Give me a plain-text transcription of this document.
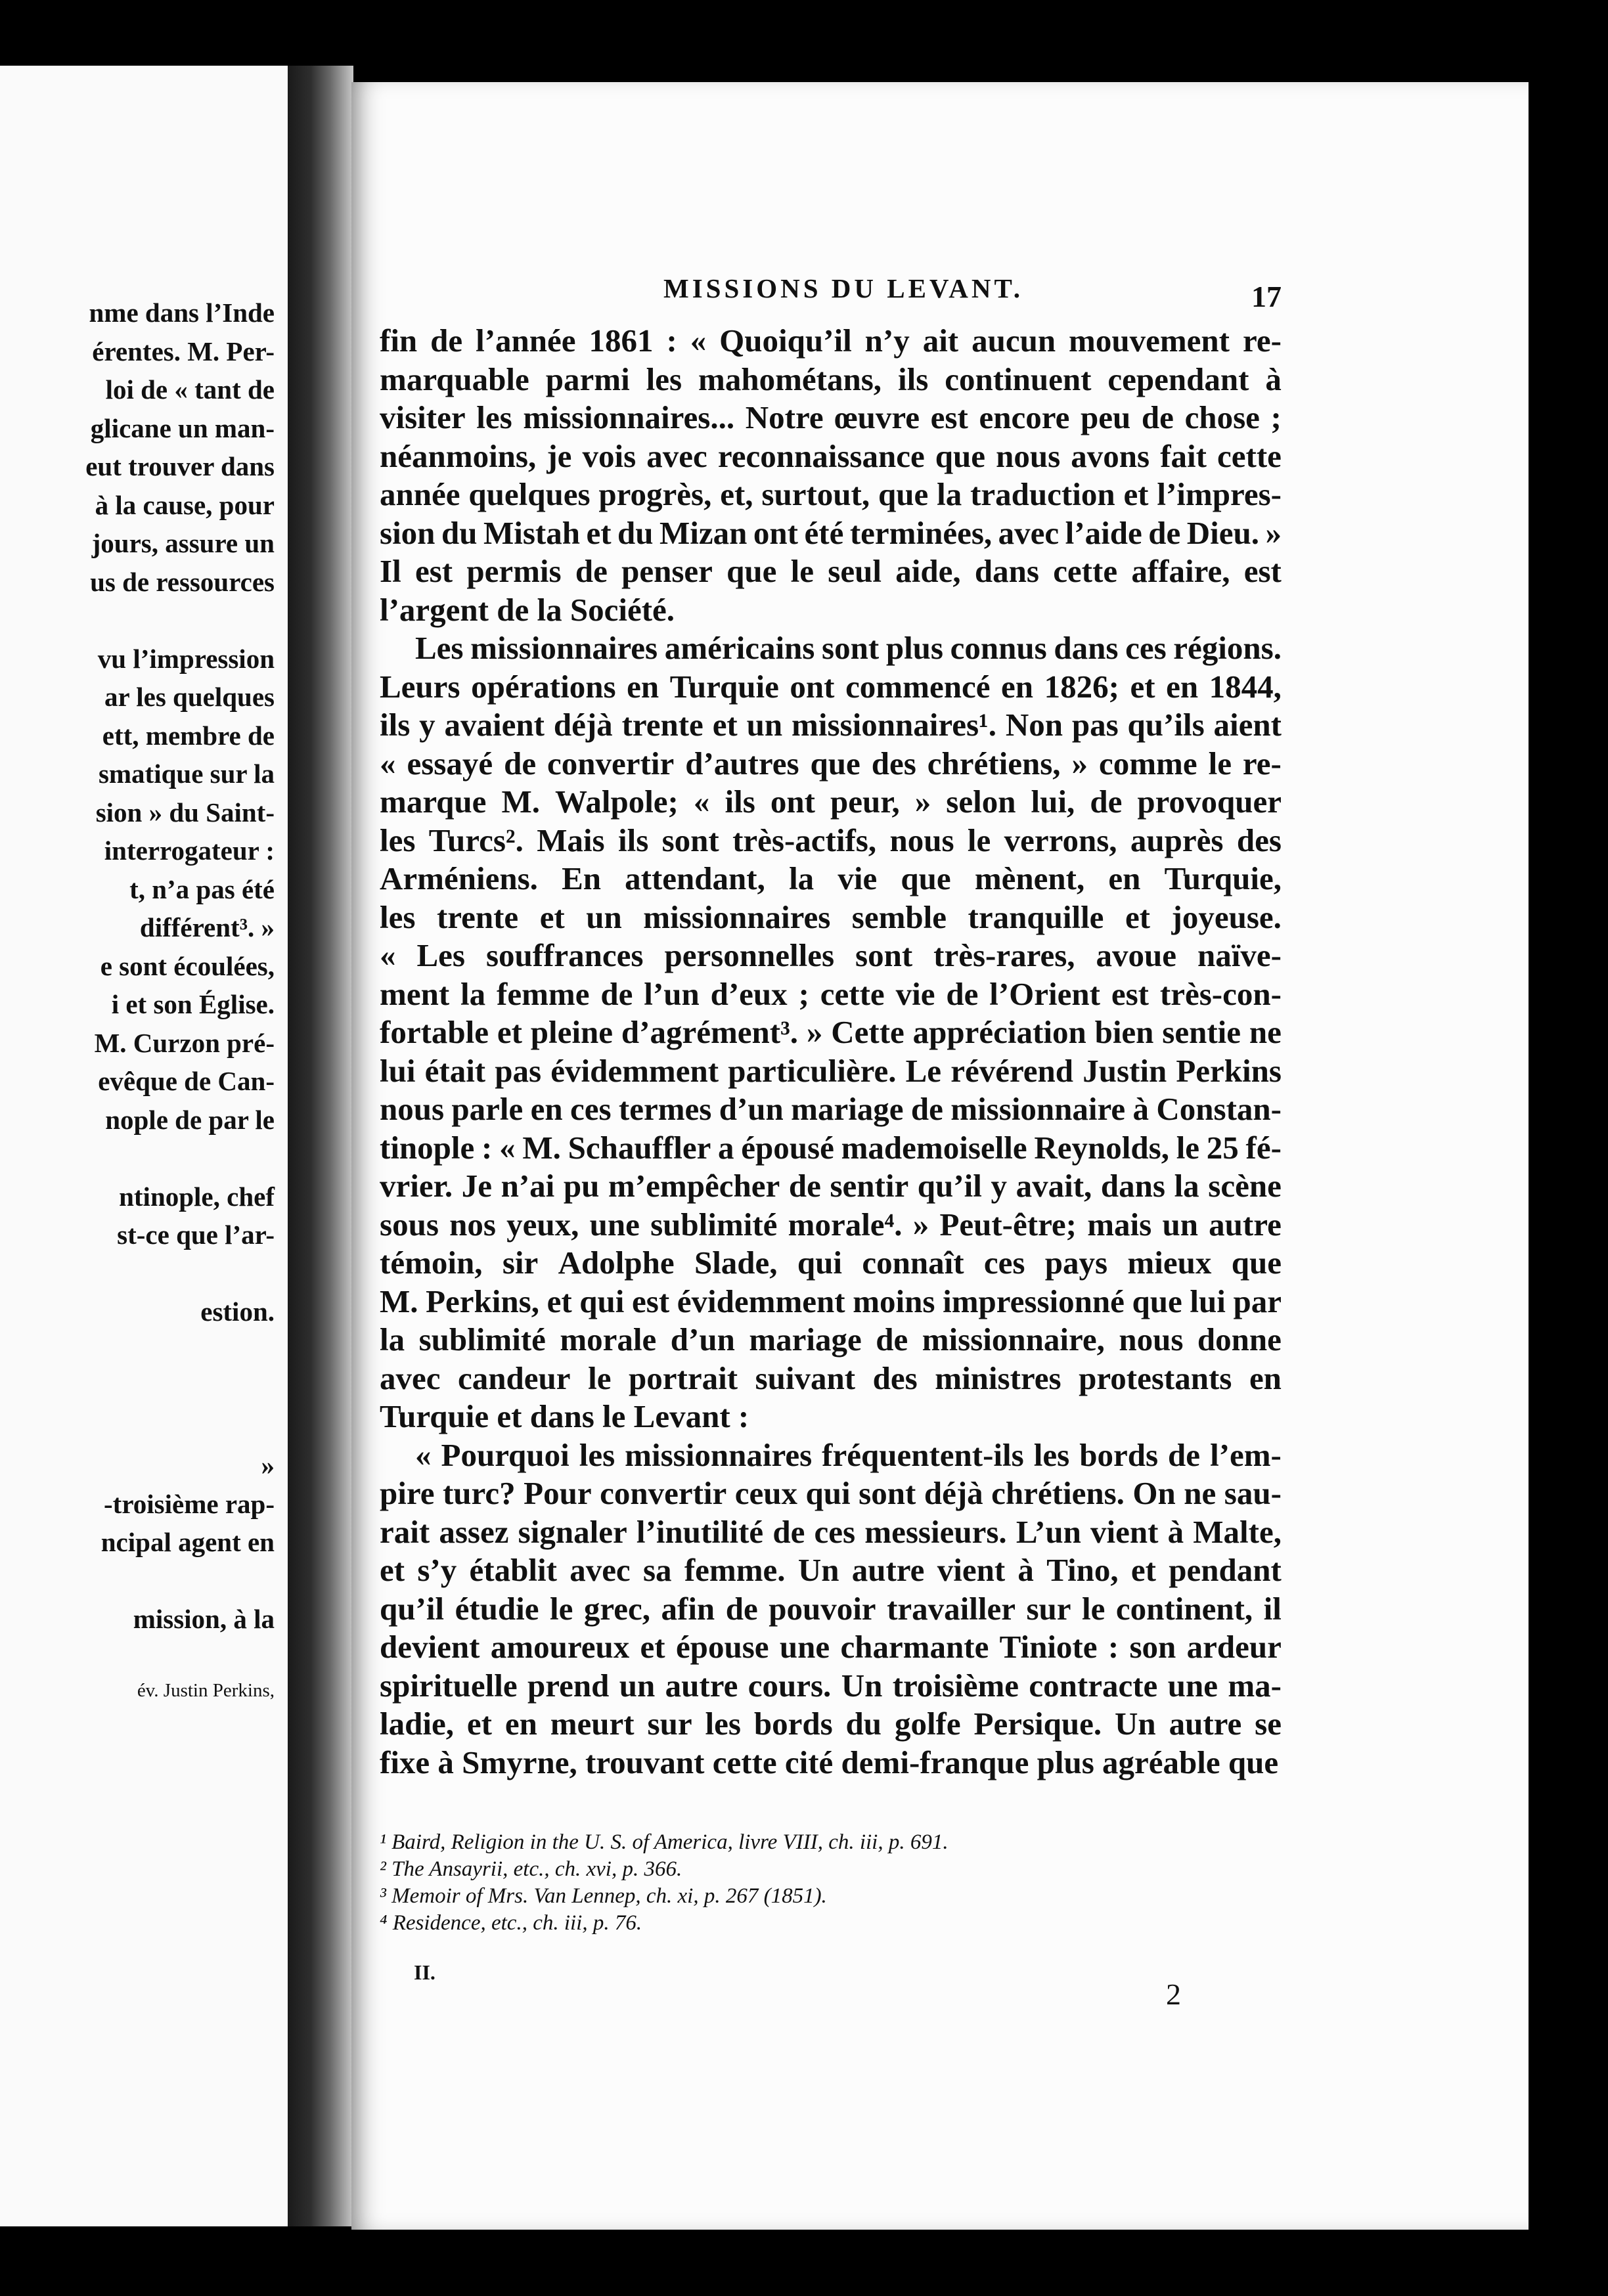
nme dans l’Inde
érentes. M. Per-
loi de « tant de
glicane un man-
eut trouver dans
à la cause, pour
jours, assure un
us de ressources
vu l’impression
ar les quelques
ett, membre de
smatique sur la
sion » du Saint-
interrogateur :
t, n’a pas été
différent³. »
e sont écoulées,
i et son Église.
M. Curzon pré-
evêque de Can-
nople de par le
ntinople, chef
st-ce que l’ar-
estion.
»
-troisième rap-
ncipal agent en
mission, à la
év. Justin Perkins,
MISSIONS DU LEVANT.	17
fin de l’année 1861 : « Quoiqu’il n’y ait aucun mouvement re-
marquable parmi les mahométans, ils continuent cependant à
visiter les missionnaires... Notre œuvre est encore peu de chose ;
néanmoins, je vois avec reconnaissance que nous avons fait cette
année quelques progrès, et, surtout, que la traduction et l’impres-
sion du Mistah et du Mizan ont été terminées, avec l’aide de Dieu. »
Il est permis de penser que le seul aide, dans cette affaire, est
l’argent de la Société.
Les missionnaires américains sont plus connus dans ces régions.
Leurs opérations en Turquie ont commencé en 1826; et en 1844,
ils y avaient déjà trente et un missionnaires¹. Non pas qu’ils aient
« essayé de convertir d’autres que des chrétiens, » comme le re-
marque M. Walpole; « ils ont peur, » selon lui, de provoquer
les Turcs². Mais ils sont très-actifs, nous le verrons, auprès des
Arméniens. En attendant, la vie que mènent, en Turquie,
les trente et un missionnaires semble tranquille et joyeuse.
« Les souffrances personnelles sont très-rares, avoue naïve-
ment la femme de l’un d’eux ; cette vie de l’Orient est très-con-
fortable et pleine d’agrément³. » Cette appréciation bien sentie ne
lui était pas évidemment particulière. Le révérend Justin Perkins
nous parle en ces termes d’un mariage de missionnaire à Constan-
tinople : « M. Schauffler a épousé mademoiselle Reynolds, le 25 fé-
vrier. Je n’ai pu m’empêcher de sentir qu’il y avait, dans la scène
sous nos yeux, une sublimité morale⁴. » Peut-être; mais un autre
témoin, sir Adolphe Slade, qui connaît ces pays mieux que
M. Perkins, et qui est évidemment moins impressionné que lui par
la sublimité morale d’un mariage de missionnaire, nous donne
avec candeur le portrait suivant des ministres protestants en
Turquie et dans le Levant :
« Pourquoi les missionnaires fréquentent-ils les bords de l’em-
pire turc? Pour convertir ceux qui sont déjà chrétiens. On ne sau-
rait assez signaler l’inutilité de ces messieurs. L’un vient à Malte,
et s’y établit avec sa femme. Un autre vient à Tino, et pendant
qu’il étudie le grec, afin de pouvoir travailler sur le continent, il
devient amoureux et épouse une charmante Tiniote : son ardeur
spirituelle prend un autre cours. Un troisième contracte une ma-
ladie, et en meurt sur les bords du golfe Persique. Un autre se
fixe à Smyrne, trouvant cette cité demi-franque plus agréable que
¹ Baird, Religion in the U. S. of America, livre VIII, ch. iii, p. 691.
² The Ansayrii, etc., ch. xvi, p. 366.
³ Memoir of Mrs. Van Lennep, ch. xi, p. 267 (1851).
⁴ Residence, etc., ch. iii, p. 76.
II.
2
